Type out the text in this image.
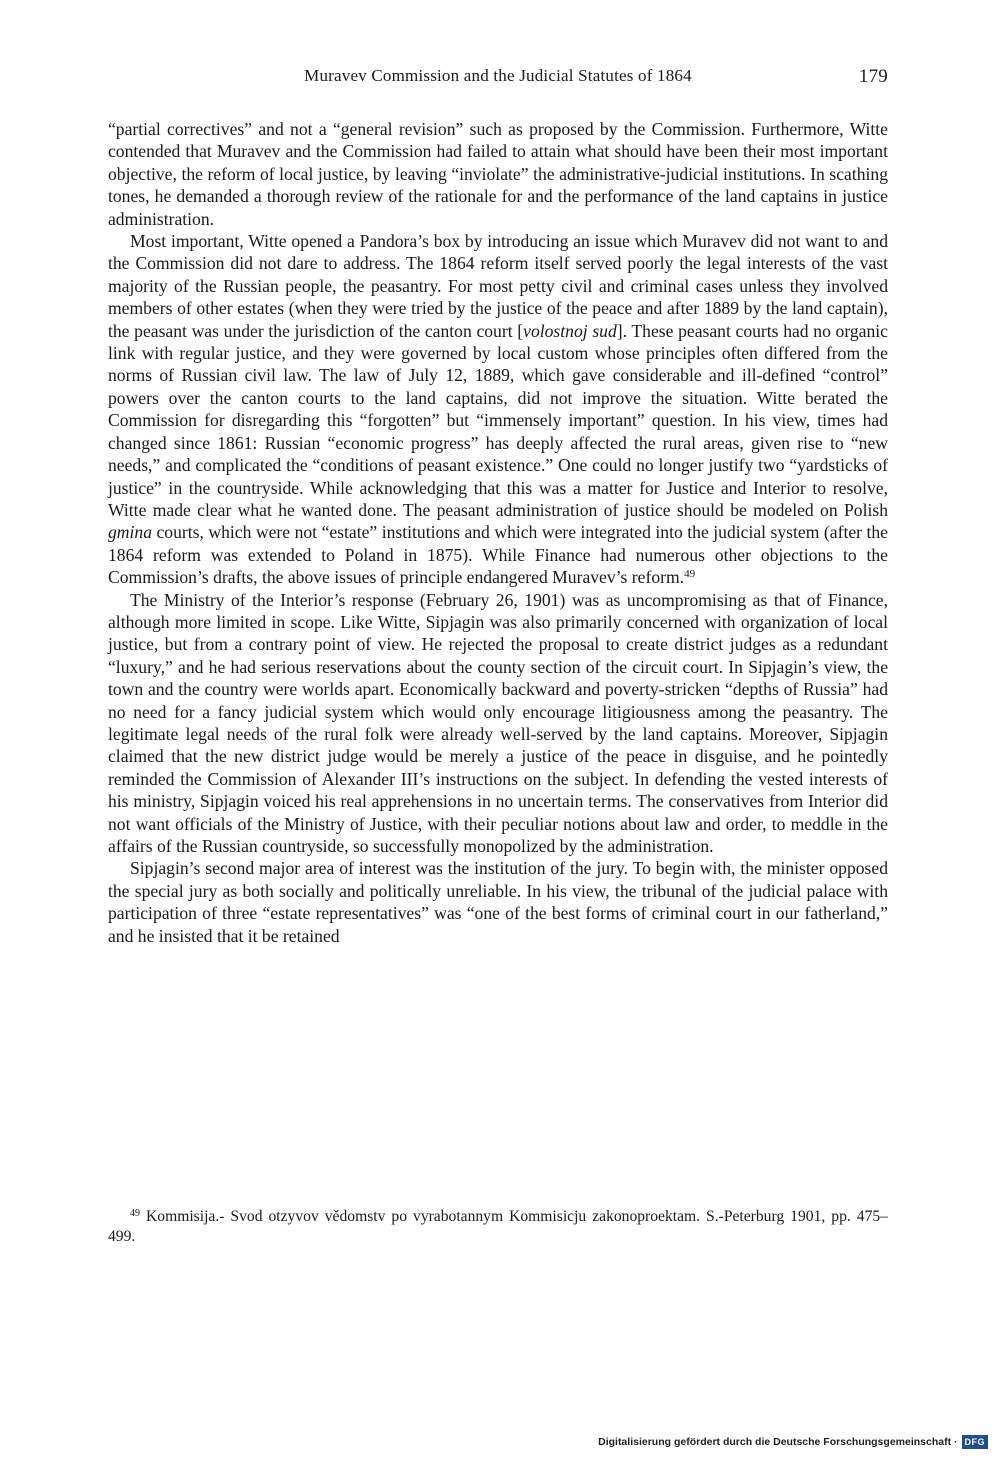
Muravev Commission and the Judicial Statutes of 1864	179

“partial correctives” and not a “general revision” such as proposed by the Commission. Furthermore, Witte contended that Muravev and the Commission had failed to attain what should have been their most important objective, the reform of local justice, by leaving “inviolate” the administrative-judicial institutions. In scathing tones, he demanded a thorough review of the rationale for and the performance of the land captains in justice administration.

Most important, Witte opened a Pandora’s box by introducing an issue which Muravev did not want to and the Commission did not dare to address. The 1864 reform itself served poorly the legal interests of the vast majority of the Russian people, the peasantry. For most petty civil and criminal cases unless they involved members of other estates (when they were tried by the justice of the peace and after 1889 by the land captain), the peasant was under the jurisdiction of the canton court [volostnoj sud]. These peasant courts had no organic link with regular justice, and they were governed by local custom whose principles often differed from the norms of Russian civil law. The law of July 12, 1889, which gave considerable and ill-defined “control” powers over the canton courts to the land captains, did not improve the situation. Witte berated the Commission for disregarding this “forgotten” but “immensely important” question. In his view, times had changed since 1861: Russian “economic progress” has deeply affected the rural areas, given rise to “new needs,” and complicated the “conditions of peasant existence.” One could no longer justify two “yardsticks of justice” in the countryside. While acknowledging that this was a matter for Justice and Interior to resolve, Witte made clear what he wanted done. The peasant administration of justice should be modeled on Polish gmina courts, which were not “estate” institutions and which were integrated into the judicial system (after the 1864 reform was extended to Poland in 1875). While Finance had numerous other objections to the Commission’s drafts, the above issues of principle endangered Muravev’s reform.$^{49}$

The Ministry of the Interior’s response (February 26, 1901) was as uncompromising as that of Finance, although more limited in scope. Like Witte, Sipjagin was also primarily concerned with organization of local justice, but from a contrary point of view. He rejected the proposal to create district judges as a redundant “luxury,” and he had serious reservations about the county section of the circuit court. In Sipjagin’s view, the town and the country were worlds apart. Economically backward and poverty-stricken “depths of Russia” had no need for a fancy judicial system which would only encourage litigiousness among the peasantry. The legitimate legal needs of the rural folk were already well-served by the land captains. Moreover, Sipjagin claimed that the new district judge would be merely a justice of the peace in disguise, and he pointedly reminded the Commission of Alexander III’s instructions on the subject. In defending the vested interests of his ministry, Sipjagin voiced his real apprehensions in no uncertain terms. The conservatives from Interior did not want officials of the Ministry of Justice, with their peculiar notions about law and order, to meddle in the affairs of the Russian countryside, so successfully monopolized by the administration.

Sipjagin’s second major area of interest was the institution of the jury. To begin with, the minister opposed the special jury as both socially and politically unreliable. In his view, the tribunal of the judicial palace with participation of three “estate representatives” was “one of the best forms of criminal court in our fatherland,” and he insisted that it be retained

$^{49}$ Kommisija.- Svod otzyvov vědomstv po vyrabotannym Kommisicju zakonoproektam. S.-Peterburg 1901, pp. 475–499.

Digitalisierung gefördert durch die Deutsche Forschungsgemeinschaft · DFG
